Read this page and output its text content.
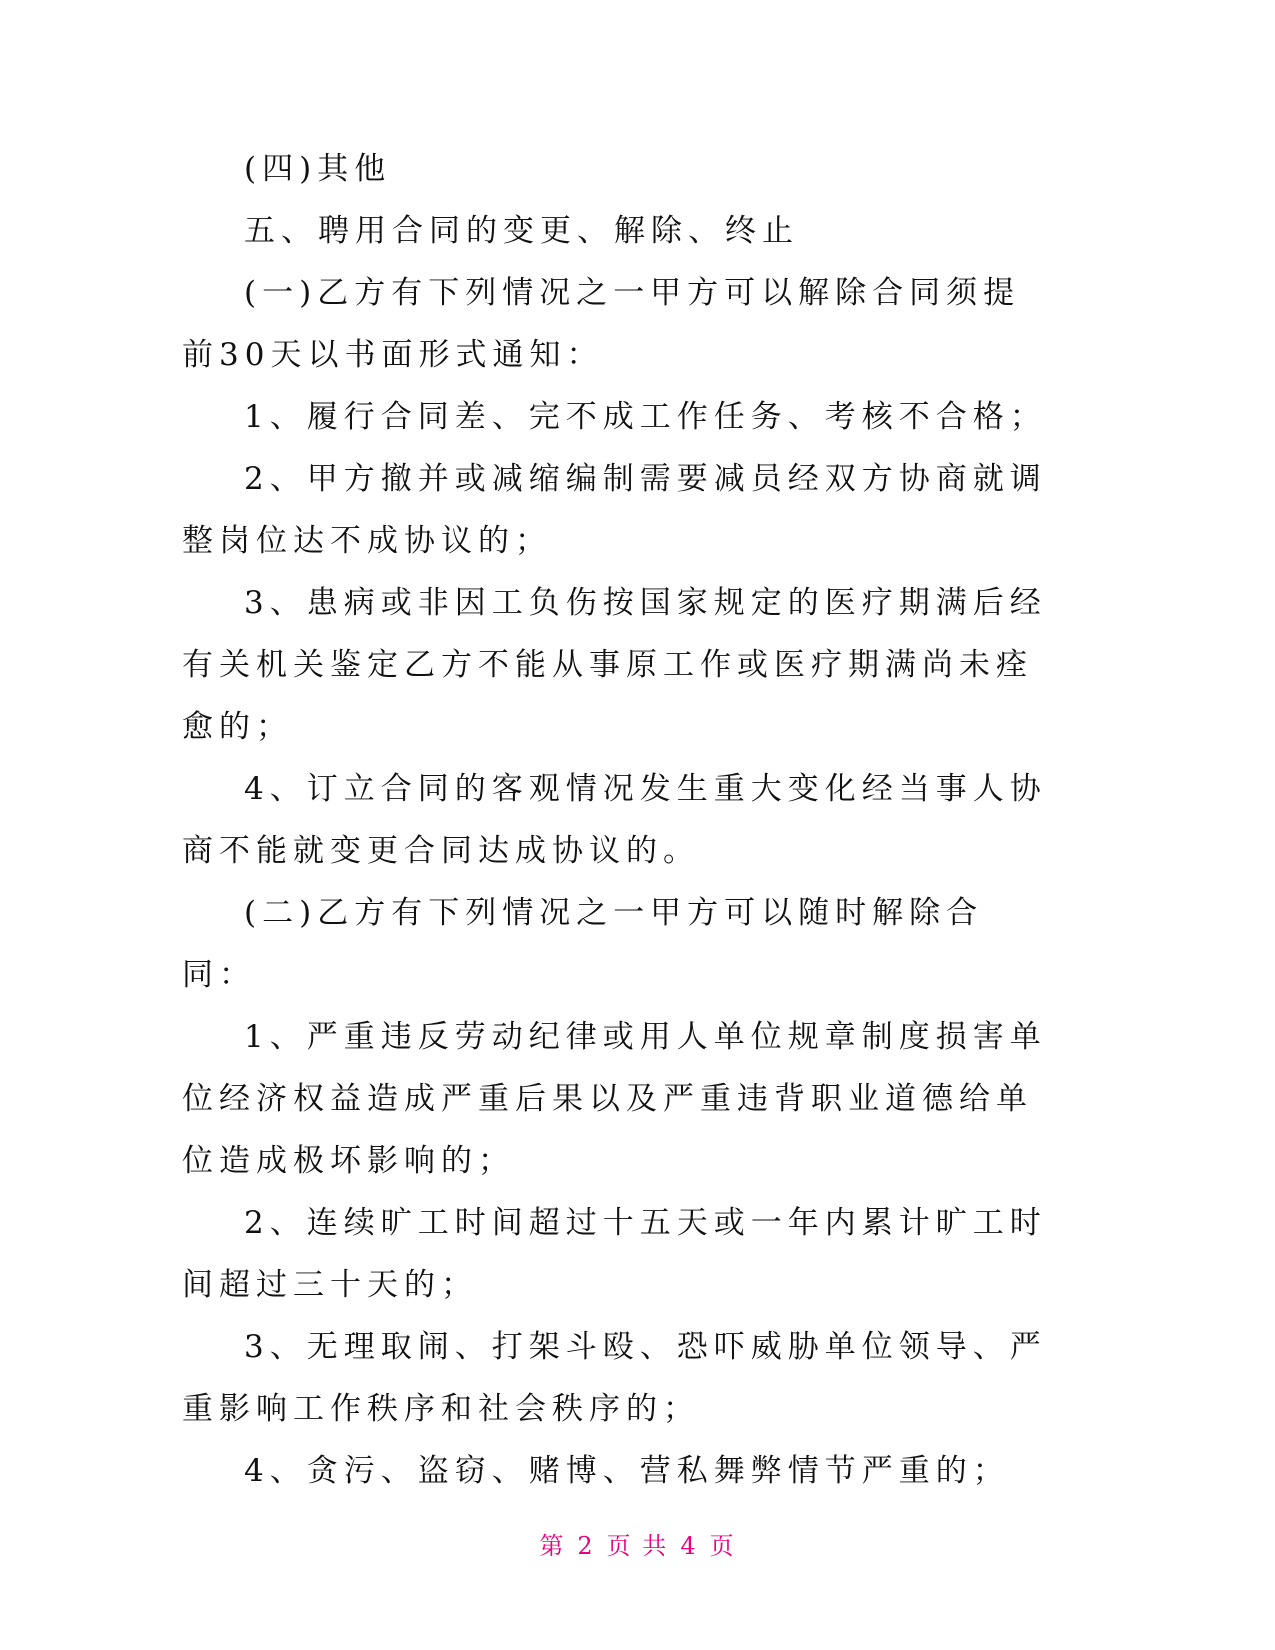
(四)其他

五、聘用合同的变更、解除、终止

(一)乙方有下列情况之一甲方可以解除合同须提前30天以书面形式通知：

1、履行合同差、完不成工作任务、考核不合格；

2、甲方撤并或减缩编制需要减员经双方协商就调整岗位达不成协议的；

3、患病或非因工负伤按国家规定的医疗期满后经有关机关鉴定乙方不能从事原工作或医疗期满尚未痊愈的；

4、订立合同的客观情况发生重大变化经当事人协商不能就变更合同达成协议的。

(二)乙方有下列情况之一甲方可以随时解除合同：

1、严重违反劳动纪律或用人单位规章制度损害单位经济权益造成严重后果以及严重违背职业道德给单位造成极坏影响的；

2、连续旷工时间超过十五天或一年内累计旷工时间超过三十天的；

3、无理取闹、打架斗殴、恐吓威胁单位领导、严重影响工作秩序和社会秩序的；

4、贪污、盗窃、赌博、营私舞弊情节严重的；

第 2 页 共 4 页
